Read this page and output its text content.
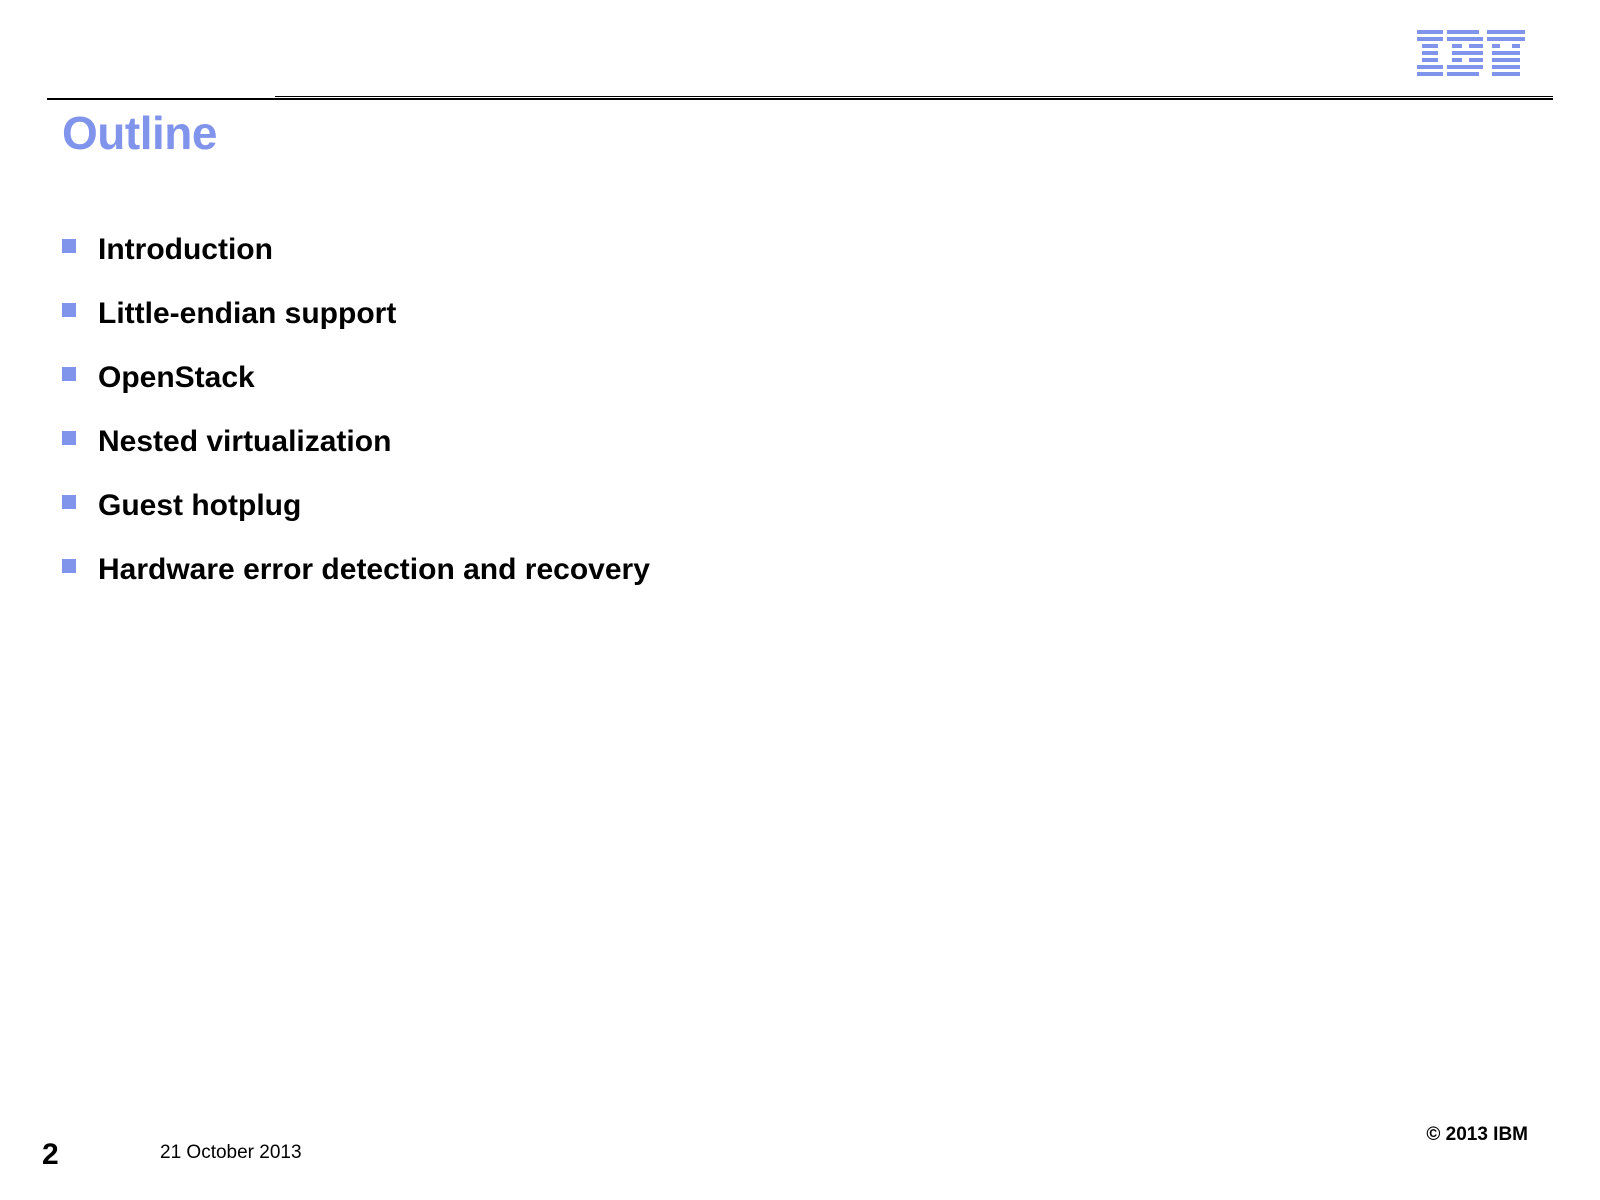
Outline
Introduction
Little-endian support
OpenStack
Nested virtualization
Guest hotplug
Hardware error detection and recovery
2	21 October 2013
© 2013 IBM
